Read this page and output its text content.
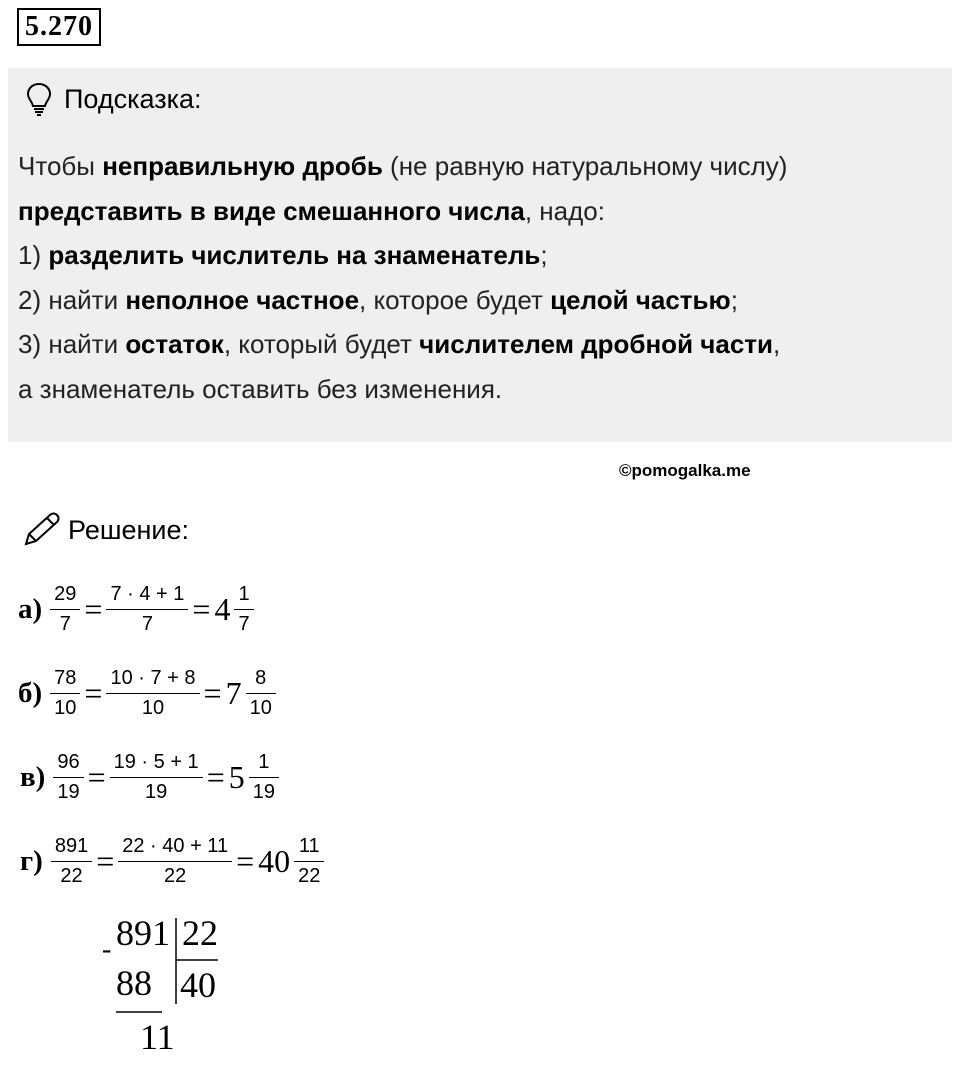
5.270
Подсказка:
Чтобы неправильную дробь (не равную натуральному числу)
представить в виде смешанного числа, надо:
1) разделить числитель на знаменатель;
2) найти неполное частное, которое будет целой частью;
3) найти остаток, который будет числителем дробной части,
а знаменатель оставить без изменения.
©pomogalka.me
Решение:
$а) \frac{29}{7} = \frac{7 \cdot 4 + 1}{7} = 4 \frac{1}{7}$
$б) \frac{78}{10} = \frac{10 \cdot 7 + 8}{10} = 7 \frac{8}{10}$
$в) \frac{96}{19} = \frac{19 \cdot 5 + 1}{19} = 5 \frac{1}{19}$
$г) \frac{891}{22} = \frac{22 \cdot 40 + 11}{22} = 40 \frac{11}{22}$
891 22
-
88 40
11
